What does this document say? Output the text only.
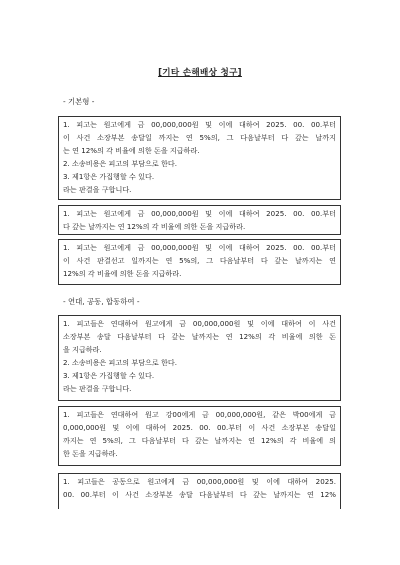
[기타 손해배상 청구]
- 기본형 -

1. 피고는 원고에게 금 00,000,000원 및 이에 대하여 2025. 00. 00.부터

이 사건 소장부본 송달일 까지는 연 5%의, 그 다음날부터 다 갚는 날까지

는 연 12%의 각 비율에 의한 돈을 지급하라.

2. 소송비용은 피고의 부담으로 한다.

3. 제1항은 가집행할 수 있다.

라는 판결을 구합니다.

1. 피고는 원고에게 금 00,000,000원 및 이에 대하여 2025. 00. 00.부터

다 갚는 날까지는 연 12%의 각 비율에 의한 돈을 지급하라.

1. 피고는 원고에게 금 00,000,000원 및 이에 대하여 2025. 00. 00.부터

이 사건 판결선고 일까지는 연 5%의, 그 다음날부터 다 갚는 날까지는 연

12%의 각 비율에 의한 돈을 지급하라.

- 연대, 공동, 합동하여 -

1. 피고들은 연대하여 원고에게 금 00,000,000원 및 이에 대하여 이 사건

소장부본 송달 다음날부터 다 갚는 날까지는 연 12%의 각 비율에 의한 돈

을 지급하라.

2. 소송비용은 피고의 부담으로 한다.

3. 제1항은 가집행할 수 있다.

라는 판결을 구합니다.

1. 피고들은 연대하여 원고 강00에게 금 00,000,000원, 같은 박00에게 금

0,000,000원 및 이에 대하여 2025. 00. 00.부터 이 사건 소장부본 송달일

까지는 연 5%의, 그 다음날부터 다 갚는 날까지는 연 12%의 각 비율에 의

한 돈을 지급하라.

1. 피고들은 공동으로 원고에게 금 00,000,000원 및 이에 대하여 2025.

00. 00.부터 이 사건 소장부본 송달 다음날부터 다 갚는 날까지는 연 12%
